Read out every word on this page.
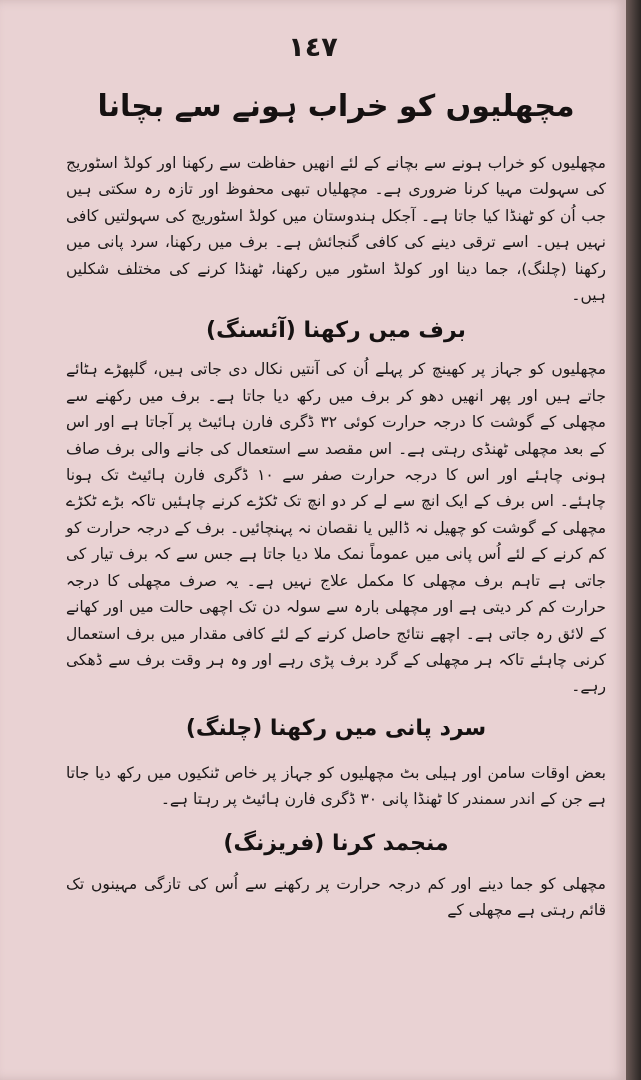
١٤٧
مچھلیوں کو خراب ہونے سے بچانا

مچھلیوں کو خراب ہونے سے بچانے کے لئے انھیں حفاظت سے رکھنا اور کولڈ اسٹوریج کی سہولت مہیا کرنا ضروری ہے۔ مچھلیاں تبھی محفوظ اور تازہ رہ سکتی ہیں جب اُن کو ٹھنڈا کیا جاتا ہے۔ آجکل ہندوستان میں کولڈ اسٹوریج کی سہولتیں کافی نہیں ہیں۔ اسے ترقی دینے کی کافی گنجائش ہے۔ برف میں رکھنا، سرد پانی میں رکھنا (چلنگ)، جما دینا اور کولڈ اسٹور میں رکھنا، ٹھنڈا کرنے کی مختلف شکلیں ہیں۔

برف میں رکھنا (آئسنگ)

مچھلیوں کو جہاز پر کھینچ کر پہلے اُن کی آنتیں نکال دی جاتی ہیں، گلپھڑے ہٹائے جاتے ہیں اور پھر انھیں دھو کر برف میں رکھ دیا جاتا ہے۔ برف میں رکھنے سے مچھلی کے گوشت کا درجہ حرارت کوئی ۳۲ ڈگری فارن ہائیٹ پر آجاتا ہے اور اس کے بعد مچھلی ٹھنڈی رہتی ہے۔ اس مقصد سے استعمال کی جانے والی برف صاف ہونی چاہئے اور اس کا درجہ حرارت صفر سے ۱۰ ڈگری فارن ہائیٹ تک ہونا چاہئے۔ اس برف کے ایک انچ سے لے کر دو انچ تک ٹکڑے کرنے چاہئیں تاکہ بڑے ٹکڑے مچھلی کے گوشت کو چھیل نہ ڈالیں یا نقصان نہ پہنچائیں۔ برف کے درجہ حرارت کو کم کرنے کے لئے اُس پانی میں عموماً نمک ملا دیا جاتا ہے جس سے کہ برف تیار کی جاتی ہے تاہم برف مچھلی کا مکمل علاج نہیں ہے۔ یہ صرف مچھلی کا درجہ حرارت کم کر دیتی ہے اور مچھلی بارہ سے سولہ دن تک اچھی حالت میں اور کھانے کے لائق رہ جاتی ہے۔ اچھے نتائج حاصل کرنے کے لئے کافی مقدار میں برف استعمال کرنی چاہئے تاکہ ہر مچھلی کے گرد برف پڑی رہے اور وہ ہر وقت برف سے ڈھکی رہے۔

سرد پانی میں رکھنا (چلنگ)

بعض اوقات سامن اور ہیلی بٹ مچھلیوں کو جہاز پر خاص ٹنکیوں میں رکھ دیا جاتا ہے جن کے اندر سمندر کا ٹھنڈا پانی ۳۰ ڈگری فارن ہائیٹ پر رہتا ہے۔

منجمد کرنا (فریزنگ)

مچھلی کو جما دینے اور کم درجہ حرارت پر رکھنے سے اُس کی تازگی مہینوں تک قائم رہتی ہے مچھلی کے
